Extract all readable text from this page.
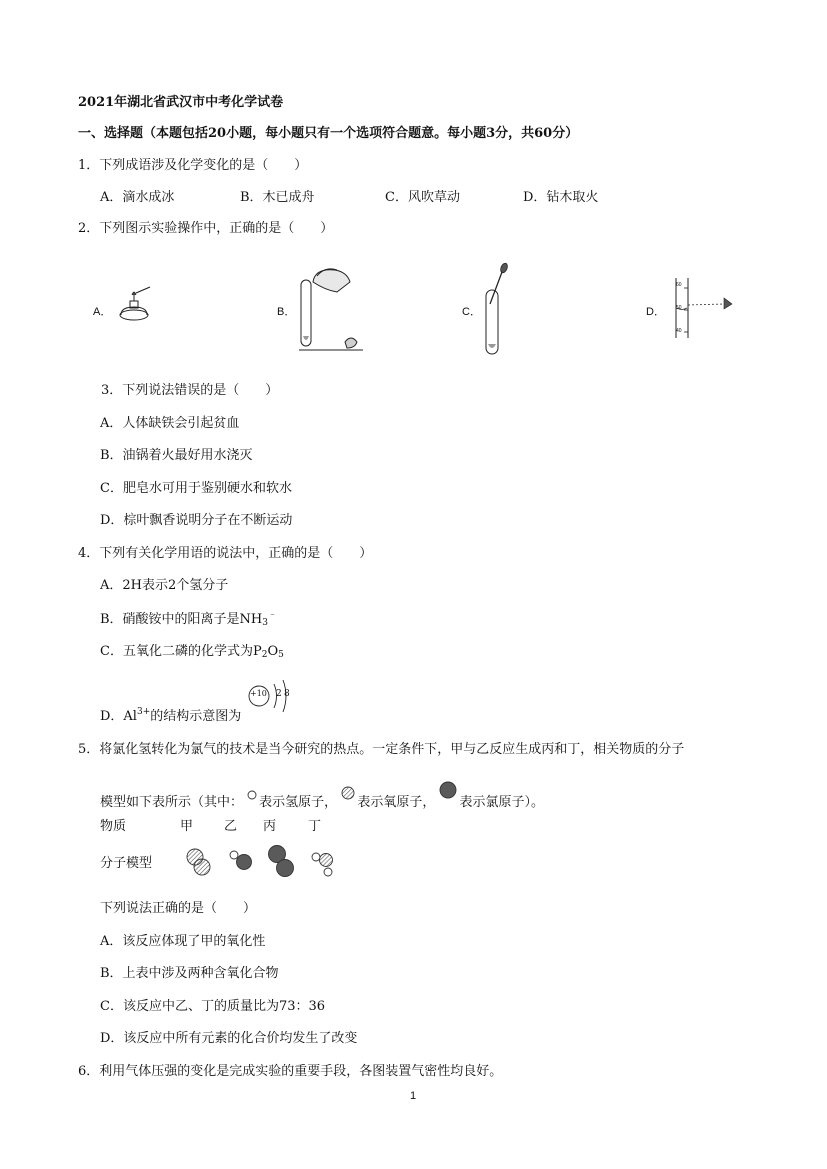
2021年湖北省武汉市中考化学试卷
一、选择题（本题包括20小题，每小题只有一个选项符合题意。每小题3分，共60分）
1．下列成语涉及化学变化的是（　　）
A．滴水成冰	B．木已成舟	C．风吹草动	D．钻木取火
2．下列图示实验操作中，正确的是（　　）
A．	B．	C．	D．
60
50
40
3．下列说法错误的是（　　）
A．人体缺铁会引起贫血
B．油锅着火最好用水浇灭
C．肥皂水可用于鉴别硬水和软水
D．棕叶飘香说明分子在不断运动
4．下列有关化学用语的说法中，正确的是（　　）
A．2H表示2个氢分子
B．硝酸铵中的阳离子是$NH_3^﹣$
C．五氧化二磷的化学式为$P_2O_5$
D．$Al^{3+}$的结构示意图为
+10 2 8
5．将氯化氢转化为氯气的技术是当今研究的热点。一定条件下，甲与乙反应生成丙和丁，相关物质的分子
模型如下表所示（其中： 表示氢原子， 表示氧原子， 表示氯原子）。
物质	甲 乙 丙 丁
分子模型
下列说法正确的是（　　）
A．该反应体现了甲的氧化性
B．上表中涉及两种含氧化合物
C．该反应中乙、丁的质量比为73：36
D．该反应中所有元素的化合价均发生了改变
6．利用气体压强的变化是完成实验的重要手段，各图装置气密性均良好。
1
